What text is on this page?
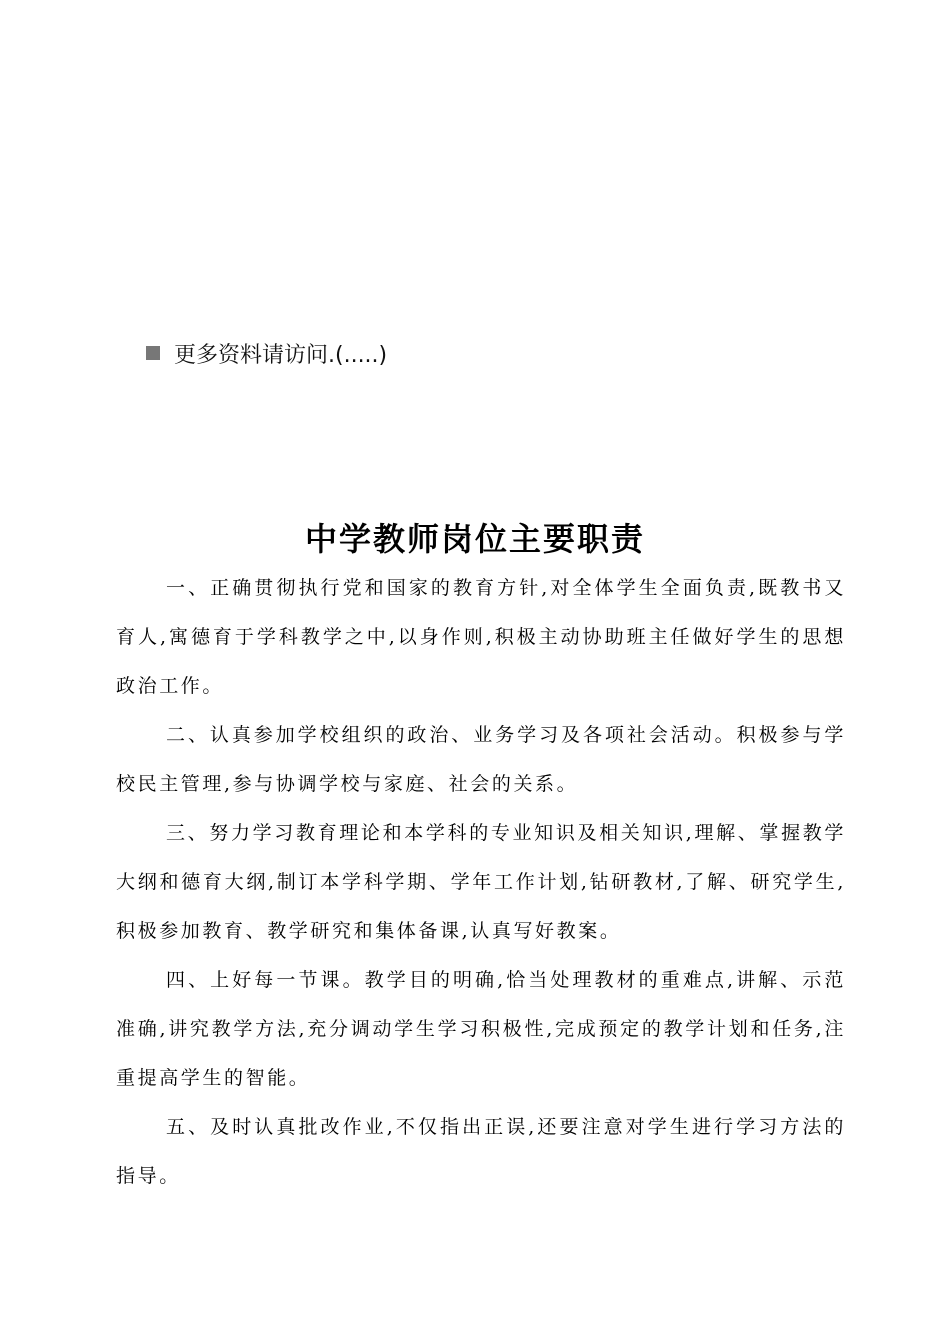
更多资料请访问.(.....)
中学教师岗位主要职责

一、正确贯彻执行党和国家的教育方针,对全体学生全面负责,既教书又育人,寓德育于学科教学之中,以身作则,积极主动协助班主任做好学生的思想政治工作。

二、认真参加学校组织的政治、业务学习及各项社会活动。积极参与学校民主管理,参与协调学校与家庭、社会的关系。

三、努力学习教育理论和本学科的专业知识及相关知识,理解、掌握教学大纲和德育大纲,制订本学科学期、学年工作计划,钻研教材,了解、研究学生,积极参加教育、教学研究和集体备课,认真写好教案。

四、上好每一节课。教学目的明确,恰当处理教材的重难点,讲解、示范准确,讲究教学方法,充分调动学生学习积极性,完成预定的教学计划和任务,注重提高学生的智能。

五、及时认真批改作业,不仅指出正误,还要注意对学生进行学习方法的指导。
